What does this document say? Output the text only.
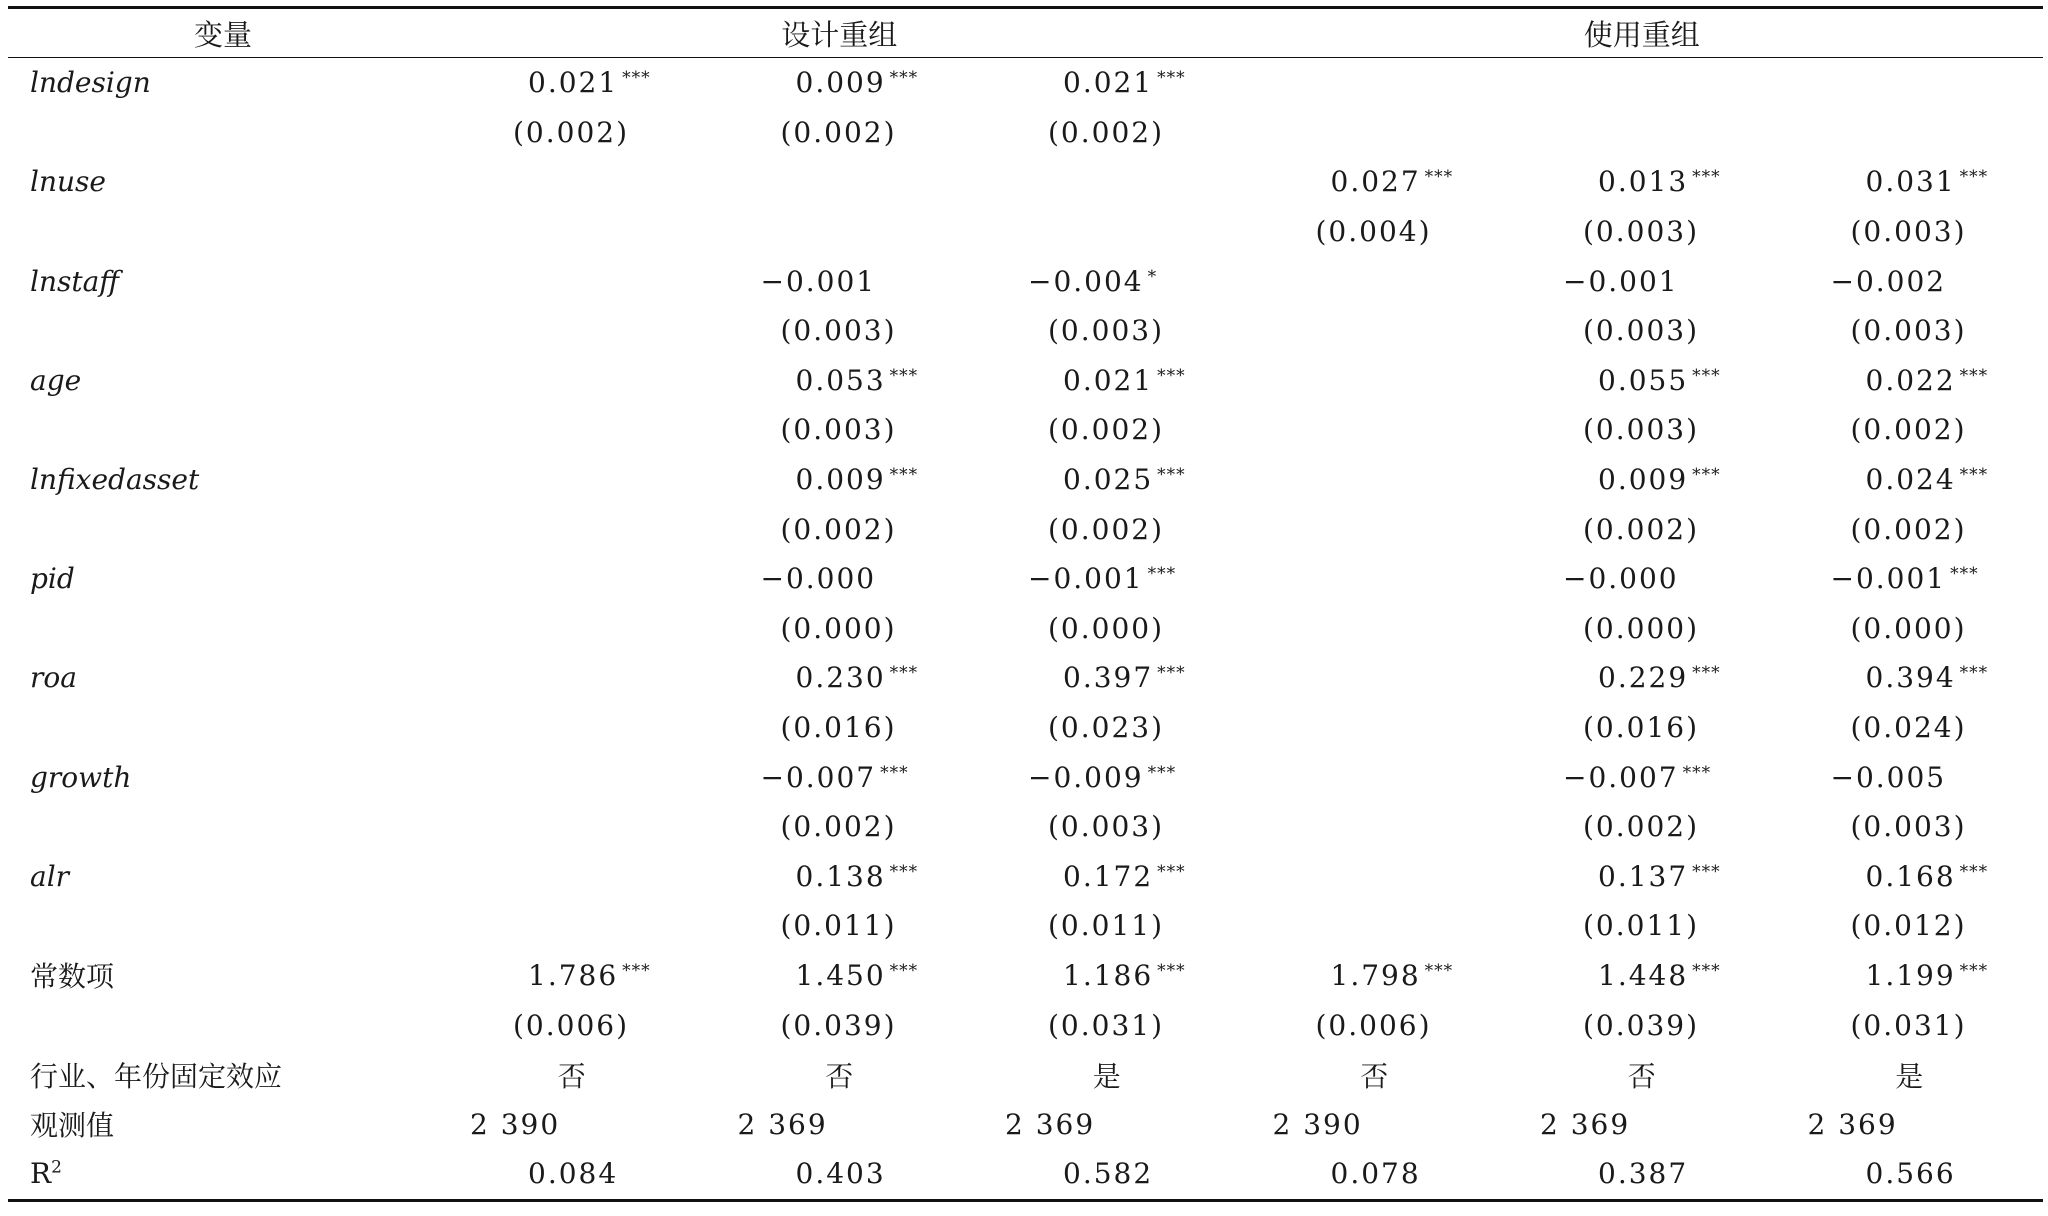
变量	设计重组			使用重组		
lndesign	0.021 ***	0.009 ***	0.021 ***			
	(0.002)	(0.002)	(0.002)			
lnuse				0.027 ***	0.013 ***	0.031 ***
				(0.004)	(0.003)	(0.003)
lnstaff		−0.001	−0.004 *		−0.001	−0.002
		(0.003)	(0.003)		(0.003)	(0.003)
age		0.053 ***	0.021 ***		0.055 ***	0.022 ***
		(0.003)	(0.002)		(0.003)	(0.002)
lnfixedasset		0.009 ***	0.025 ***		0.009 ***	0.024 ***
		(0.002)	(0.002)		(0.002)	(0.002)
pid		−0.000	−0.001 ***		−0.000	−0.001 ***
		(0.000)	(0.000)		(0.000)	(0.000)
roa		0.230 ***	0.397 ***		0.229 ***	0.394 ***
		(0.016)	(0.023)		(0.016)	(0.024)
growth		−0.007 ***	−0.009 ***		−0.007 ***	−0.005
		(0.002)	(0.003)		(0.002)	(0.003)
alr		0.138 ***	0.172 ***		0.137 ***	0.168 ***
		(0.011)	(0.011)		(0.011)	(0.012)
常数项	1.786 ***	1.450 ***	1.186 ***	1.798 ***	1.448 ***	1.199 ***
	(0.006)	(0.039)	(0.031)	(0.006)	(0.039)	(0.031)
行业、年份固定效应	否	否	是	否	否	是
观测值	2 390	2 369	2 369	2 390	2 369	2 369
$R^2$	0.084	0.403	0.582	0.078	0.387	0.566
